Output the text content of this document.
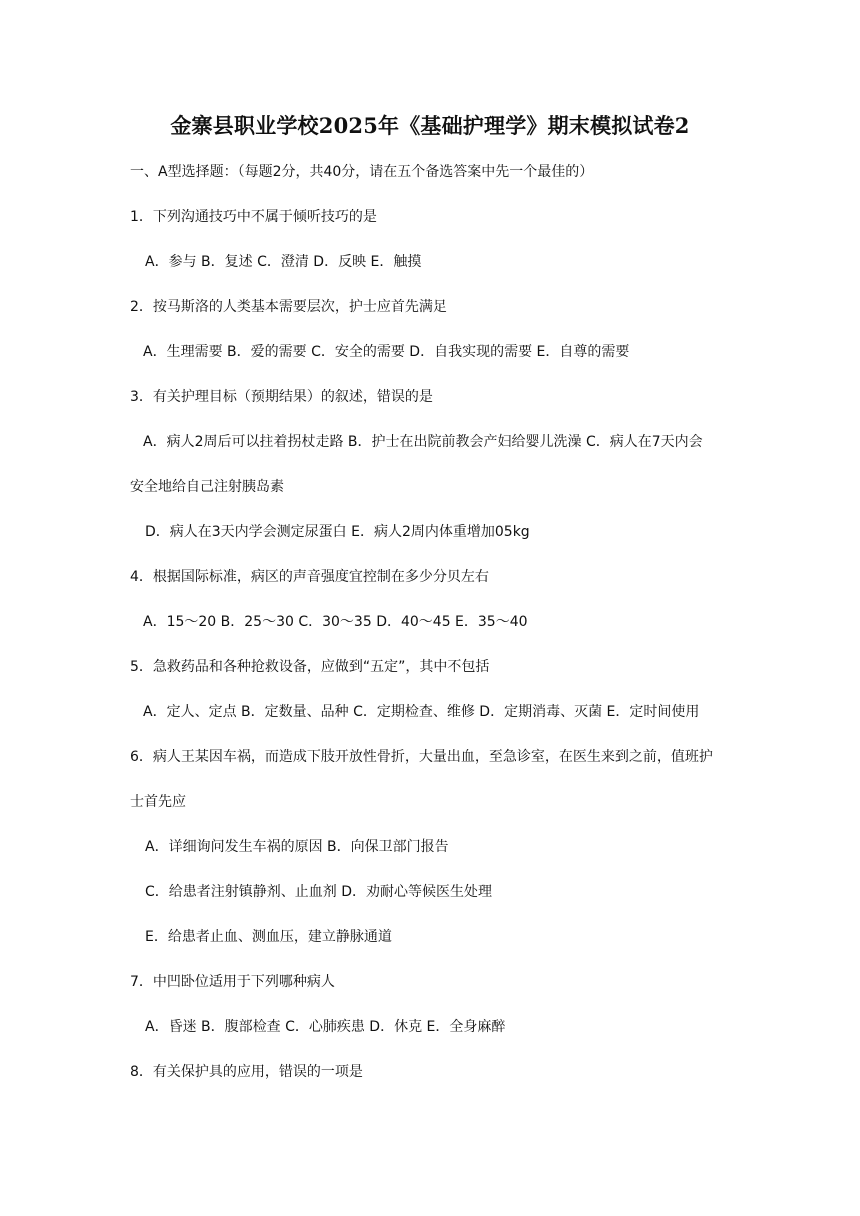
金寨县职业学校2025年《基础护理学》期末模拟试卷2
一、A型选择题：（每题2分，共40分，请在五个备选答案中先一个最佳的）
1．下列沟通技巧中不属于倾听技巧的是
A．参与 B．复述 C．澄清 D．反映 E．触摸
2．按马斯洛的人类基本需要层次，护士应首先满足
A．生理需要 B．爱的需要 C．安全的需要 D．自我实现的需要 E．自尊的需要
3．有关护理目标（预期结果）的叙述，错误的是
A．病人2周后可以拄着拐杖走路 B．护士在出院前教会产妇给婴儿洗澡 C．病人在7天内会
安全地给自己注射胰岛素
D．病人在3天内学会测定尿蛋白 E．病人2周内体重增加05kg
4．根据国际标准，病区的声音强度宜控制在多少分贝左右
A．15～20 B．25～30 C．30～35 D．40～45 E．35～40
5．急救药品和各种抢救设备，应做到“五定”，其中不包括
A．定人、定点 B．定数量、品种 C．定期检查、维修 D．定期消毒、灭菌 E．定时间使用
6．病人王某因车祸，而造成下肢开放性骨折，大量出血，至急诊室，在医生来到之前，值班护
士首先应
A．详细询问发生车祸的原因 B．向保卫部门报告
C．给患者注射镇静剂、止血剂 D．劝耐心等候医生处理
E．给患者止血、测血压，建立静脉通道
7．中凹卧位适用于下列哪种病人
A．昏迷 B．腹部检查 C．心肺疾患 D．休克 E．全身麻醉
8．有关保护具的应用，错误的一项是
